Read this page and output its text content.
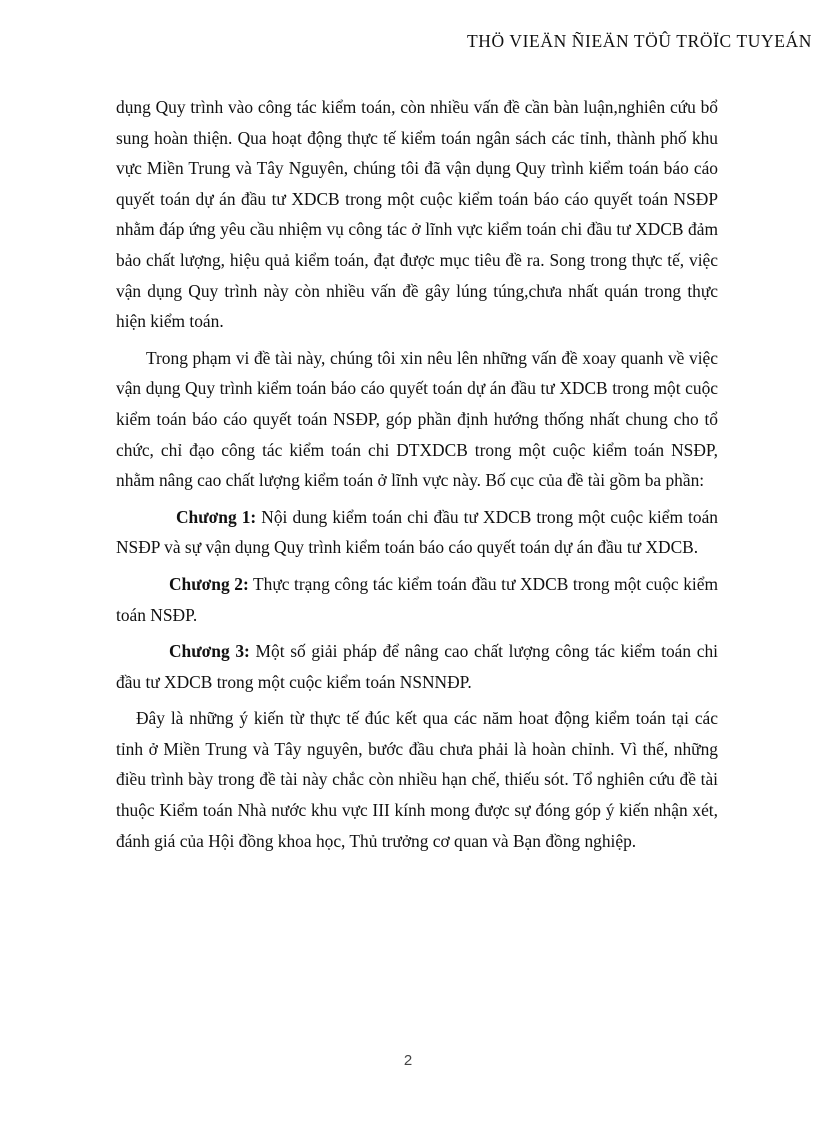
THÖ VIEÄN ÑIEÄN TÖÛ TRÖÏC TUYEÁN

dụng Quy trình vào công tác kiểm toán, còn nhiều vấn đề cần bàn luận,nghiên cứu bổ sung hoàn thiện. Qua hoạt động thực tế kiểm toán ngân sách các tỉnh, thành phố khu vực Miền Trung và Tây Nguyên, chúng tôi đã vận dụng Quy trình kiểm toán báo cáo quyết toán dự án đầu tư XDCB trong một cuộc kiểm toán báo cáo quyết toán NSĐP nhằm đáp ứng yêu cầu nhiệm vụ công tác ở lĩnh vực kiểm toán chi đầu tư XDCB đảm bảo chất lượng, hiệu quả kiểm toán, đạt được mục tiêu đề ra. Song trong thực tế, việc vận dụng Quy trình này còn nhiều vấn đề gây lúng túng,chưa nhất quán trong thực hiện kiểm toán.

Trong phạm vi đề tài này, chúng tôi xin nêu lên những vấn đề xoay quanh về việc vận dụng Quy trình kiểm toán báo cáo quyết toán dự án đầu tư XDCB trong một cuộc kiểm toán báo cáo quyết toán NSĐP, góp phần định hướng thống nhất chung cho tổ chức, chỉ đạo công tác kiểm toán chi DTXDCB trong một cuộc kiểm toán NSĐP, nhằm nâng cao chất lượng kiểm toán ở lĩnh vực này. Bố cục của đề tài gồm ba phần:

Chương 1: Nội dung kiểm toán chi đầu tư XDCB trong một cuộc kiểm toán NSĐP và sự vận dụng Quy trình kiểm toán báo cáo quyết toán dự án đầu tư XDCB.

Chương 2: Thực trạng công tác kiểm toán đầu tư XDCB trong một cuộc kiểm toán NSĐP.

Chương 3: Một số giải pháp để nâng cao chất lượng công tác kiểm toán chi đầu tư XDCB trong một cuộc kiểm toán NSNNĐP.

Đây là những ý kiến từ thực tế đúc kết qua các năm hoat động kiểm toán tại các tỉnh ở Miền Trung và Tây nguyên, bước đầu chưa phải là hoàn chỉnh. Vì thế, những điều trình bày trong đề tài này chắc còn nhiều hạn chế, thiếu sót. Tổ nghiên cứu đề tài thuộc Kiểm toán Nhà nước khu vực III kính mong được sự đóng góp ý kiến nhận xét, đánh giá của Hội đồng khoa học, Thủ trưởng cơ quan và Bạn đồng nghiệp.

2
